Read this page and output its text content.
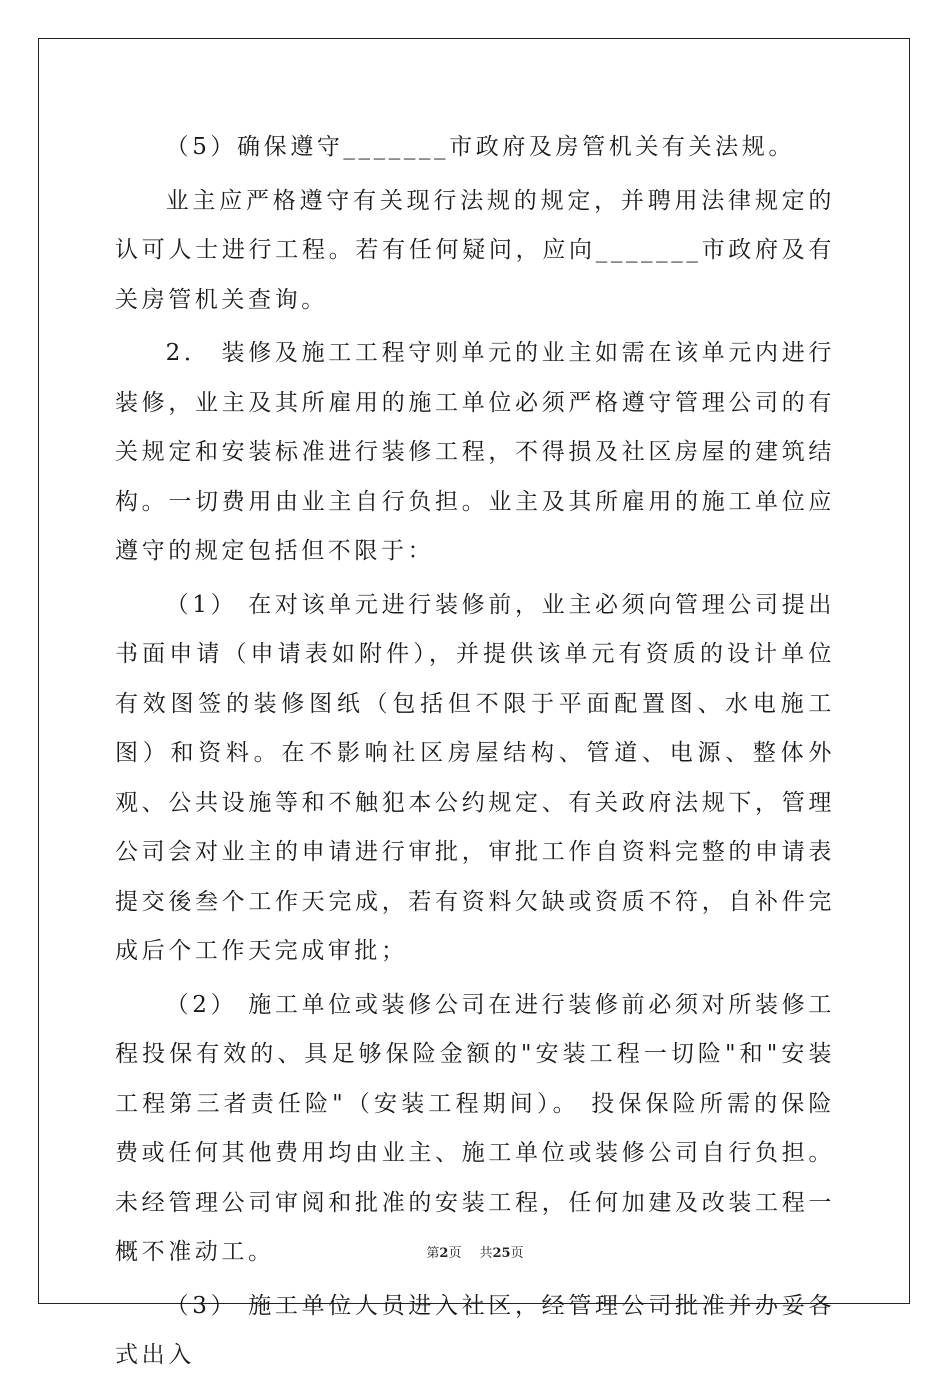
（5）确保遵守_______市政府及房管机关有关法规。

业主应严格遵守有关现行法规的规定，并聘用法律规定的认可人士进行工程。若有任何疑问，应向_______市政府及有关房管机关查询。

2． 装修及施工工程守则单元的业主如需在该单元内进行装修，业主及其所雇用的施工单位必须严格遵守管理公司的有关规定和安装标准进行装修工程，不得损及社区房屋的建筑结构。一切费用由业主自行负担。业主及其所雇用的施工单位应遵守的规定包括但不限于：

（1） 在对该单元进行装修前，业主必须向管理公司提出书面申请（申请表如附件），并提供该单元有资质的设计单位有效图签的装修图纸（包括但不限于平面配置图、水电施工图）和资料。在不影响社区房屋结构、管道、电源、整体外观、公共设施等和不触犯本公约规定、有关政府法规下，管理公司会对业主的申请进行审批，审批工作自资料完整的申请表提交後叁个工作天完成，若有资料欠缺或资质不符，自补件完成后个工作天完成审批；

（2） 施工单位或装修公司在进行装修前必须对所装修工程投保有效的、具足够保险金额的"安装工程一切险"和"安装工程第三者责任险"（安装工程期间）。 投保保险所需的保险费或任何其他费用均由业主、施工单位或装修公司自行负担。 未经管理公司审阅和批准的安装工程，任何加建及改装工程一概不准动工。

（3） 施工单位人员进入社区，经管理公司批准并办妥各式出入

第2页 共25页
